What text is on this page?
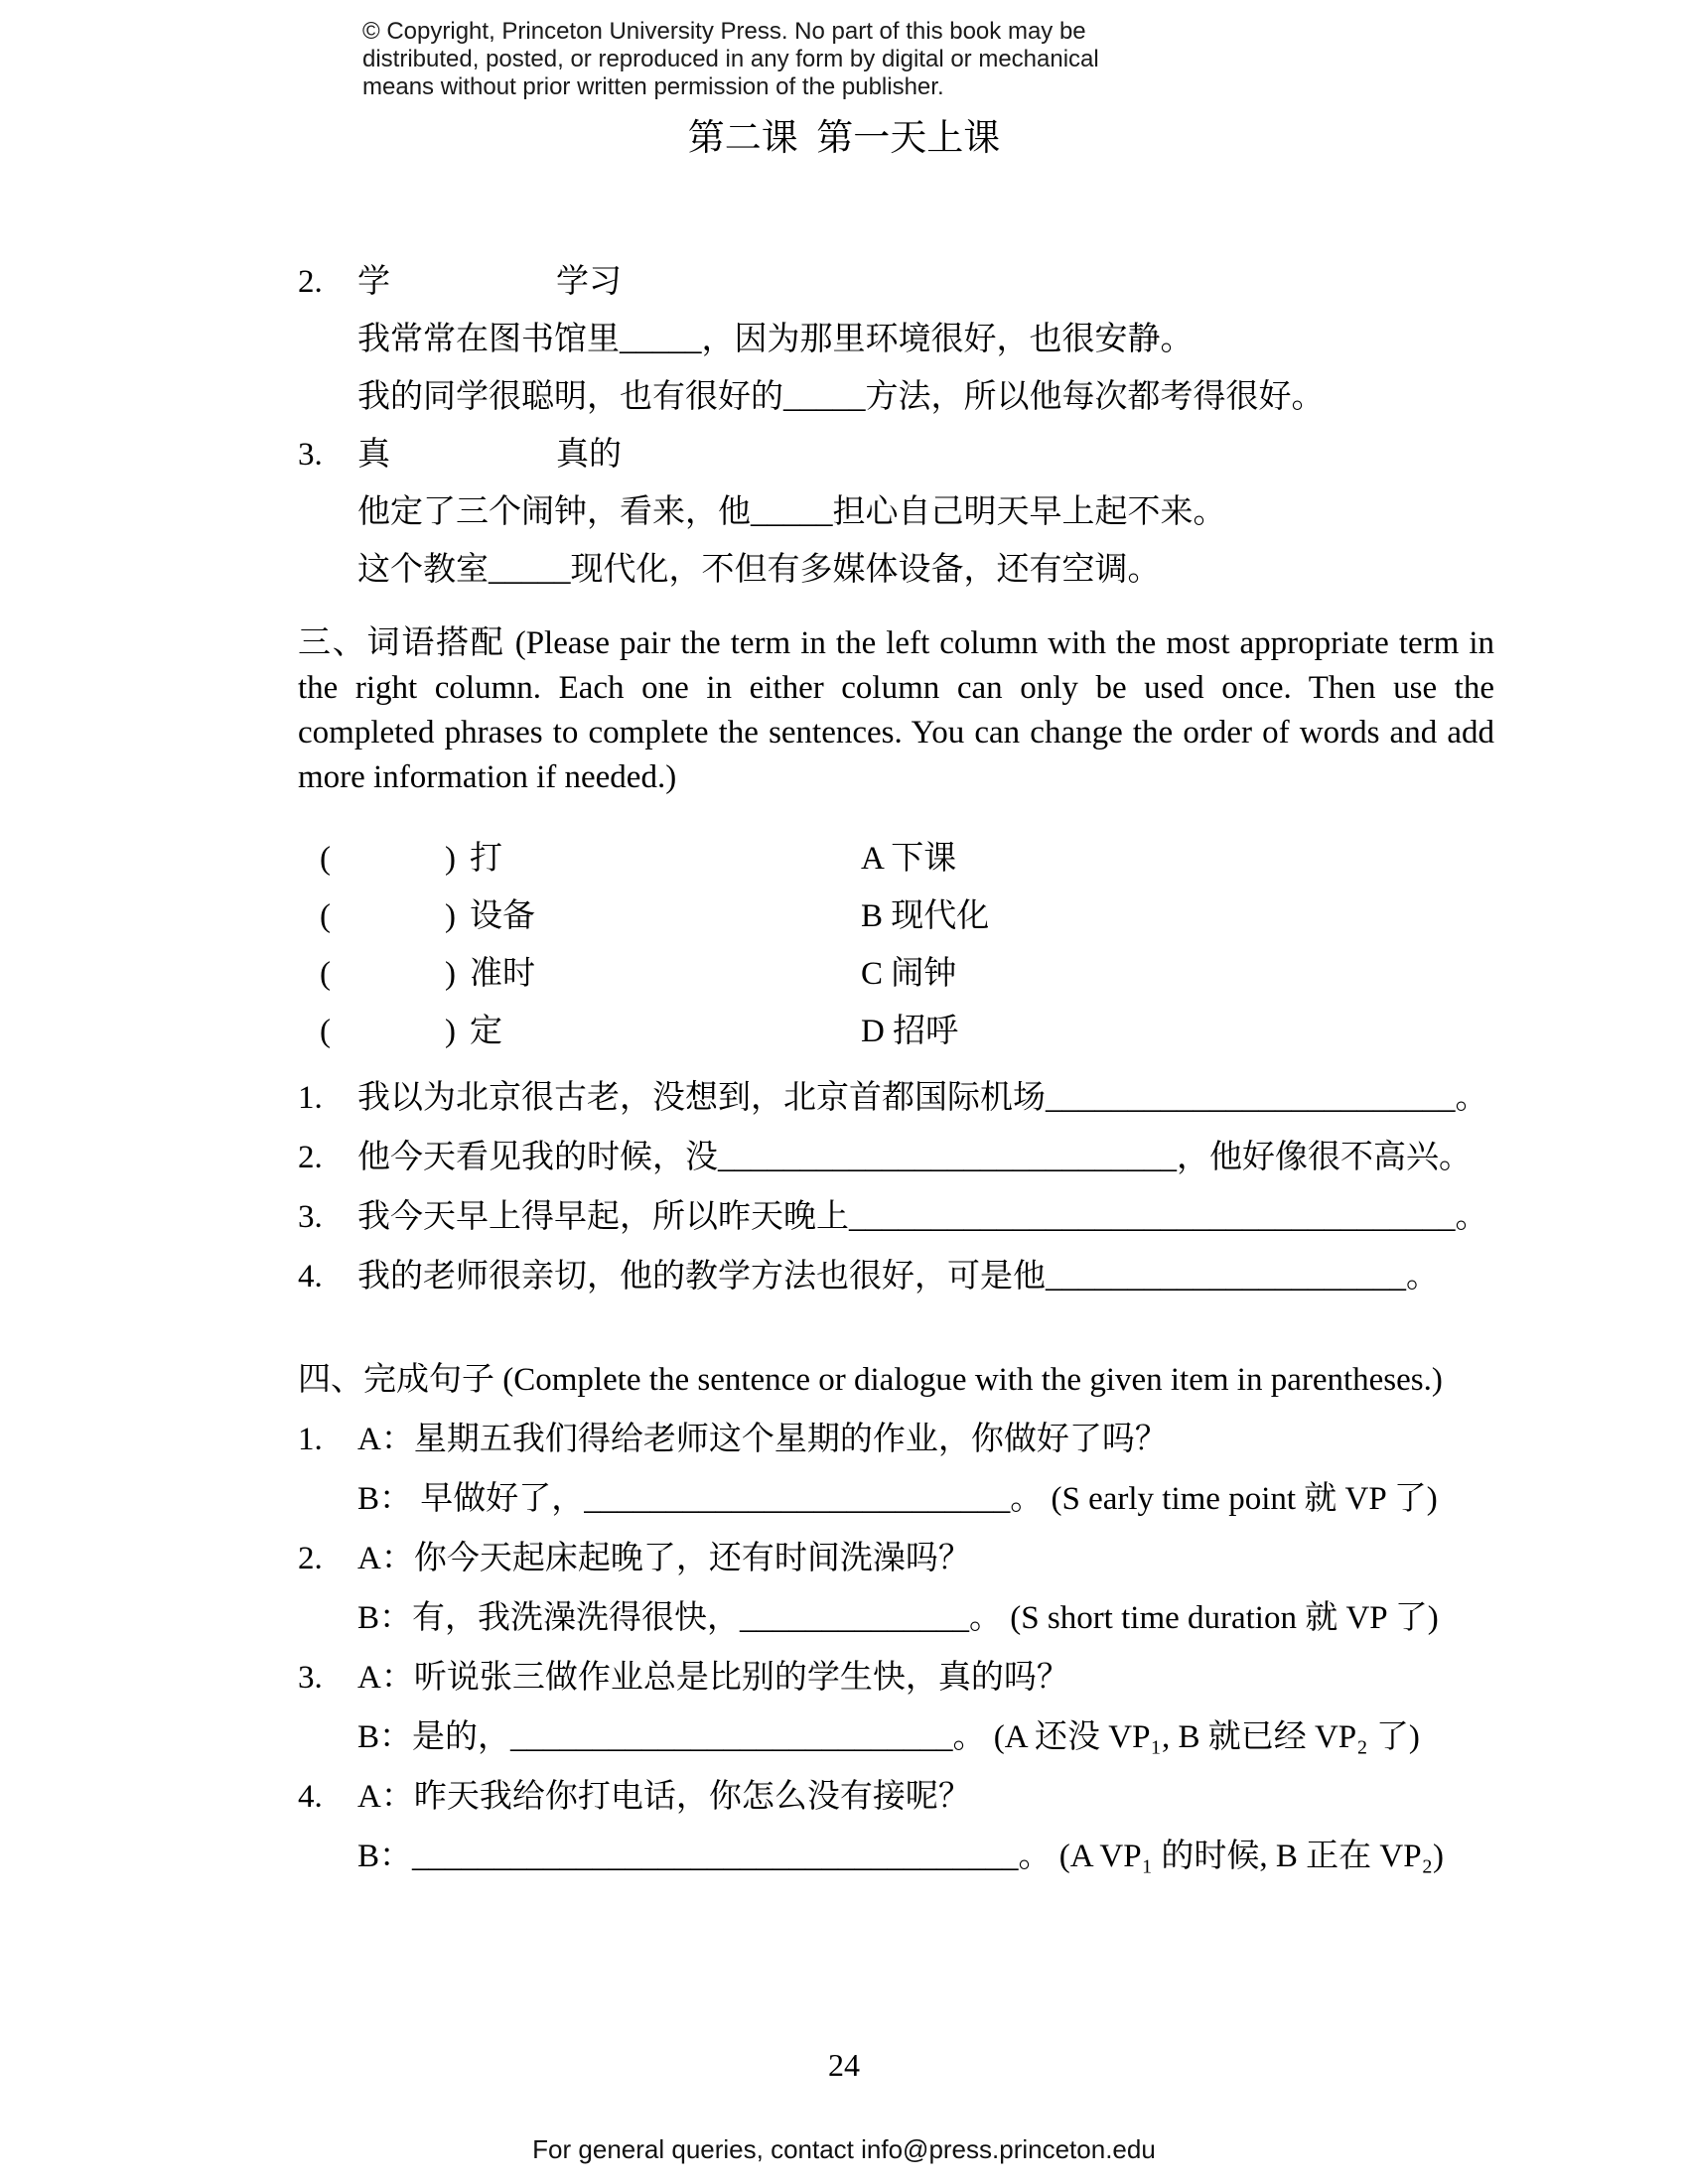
© Copyright, Princeton University Press. No part of this book may be
distributed, posted, or reproduced in any form by digital or mechanical
means without prior written permission of the publisher.
第二课  第一天上课
2. 学	学习
我常常在图书馆里_____，因为那里环境很好，也很安静。
我的同学很聪明，也有很好的_____方法，所以他每次都考得很好。
3. 真	真的
他定了三个闹钟，看来，他_____担心自己明天早上起不来。
这个教室_____现代化，不但有多媒体设备，还有空调。

三、词语搭配 (Please pair the term in the left column with the most appropriate term in the right column. Each one in either column can only be used once. Then use the completed phrases to complete the sentences. You can change the order of words and add more information if needed.)

(	) 打	A 下课
(	) 设备	B 现代化
(	) 准时	C 闹钟
(	) 定	D 招呼
1. 我以为北京很古老，没想到，北京首都国际机场_________________________。
2. 他今天看见我的时候，没____________________________，他好像很不高兴。
3. 我今天早上得早起，所以昨天晚上_____________________________________。
4. 我的老师很亲切，他的教学方法也很好，可是他______________________。

四、完成句子 (Complete the sentence or dialogue with the given item in parentheses.)

1. A：星期五我们得给老师这个星期的作业，你做好了吗？
B： 早做好了，__________________________。 (S early time point 就 VP 了)
2. A：你今天起床起晚了，还有时间洗澡吗？
B：有，我洗澡洗得很快，______________。 (S short time duration 就 VP 了)
3. A：听说张三做作业总是比别的学生快，真的吗？
B：是的，___________________________。 (A 还没 VP₁, B 就已经 VP₂ 了)
4. A：昨天我给你打电话，你怎么没有接呢？
B：_____________________________________。 (A VP₁ 的时候, B 正在 VP₂)
24
For general queries, contact info@press.princeton.edu
